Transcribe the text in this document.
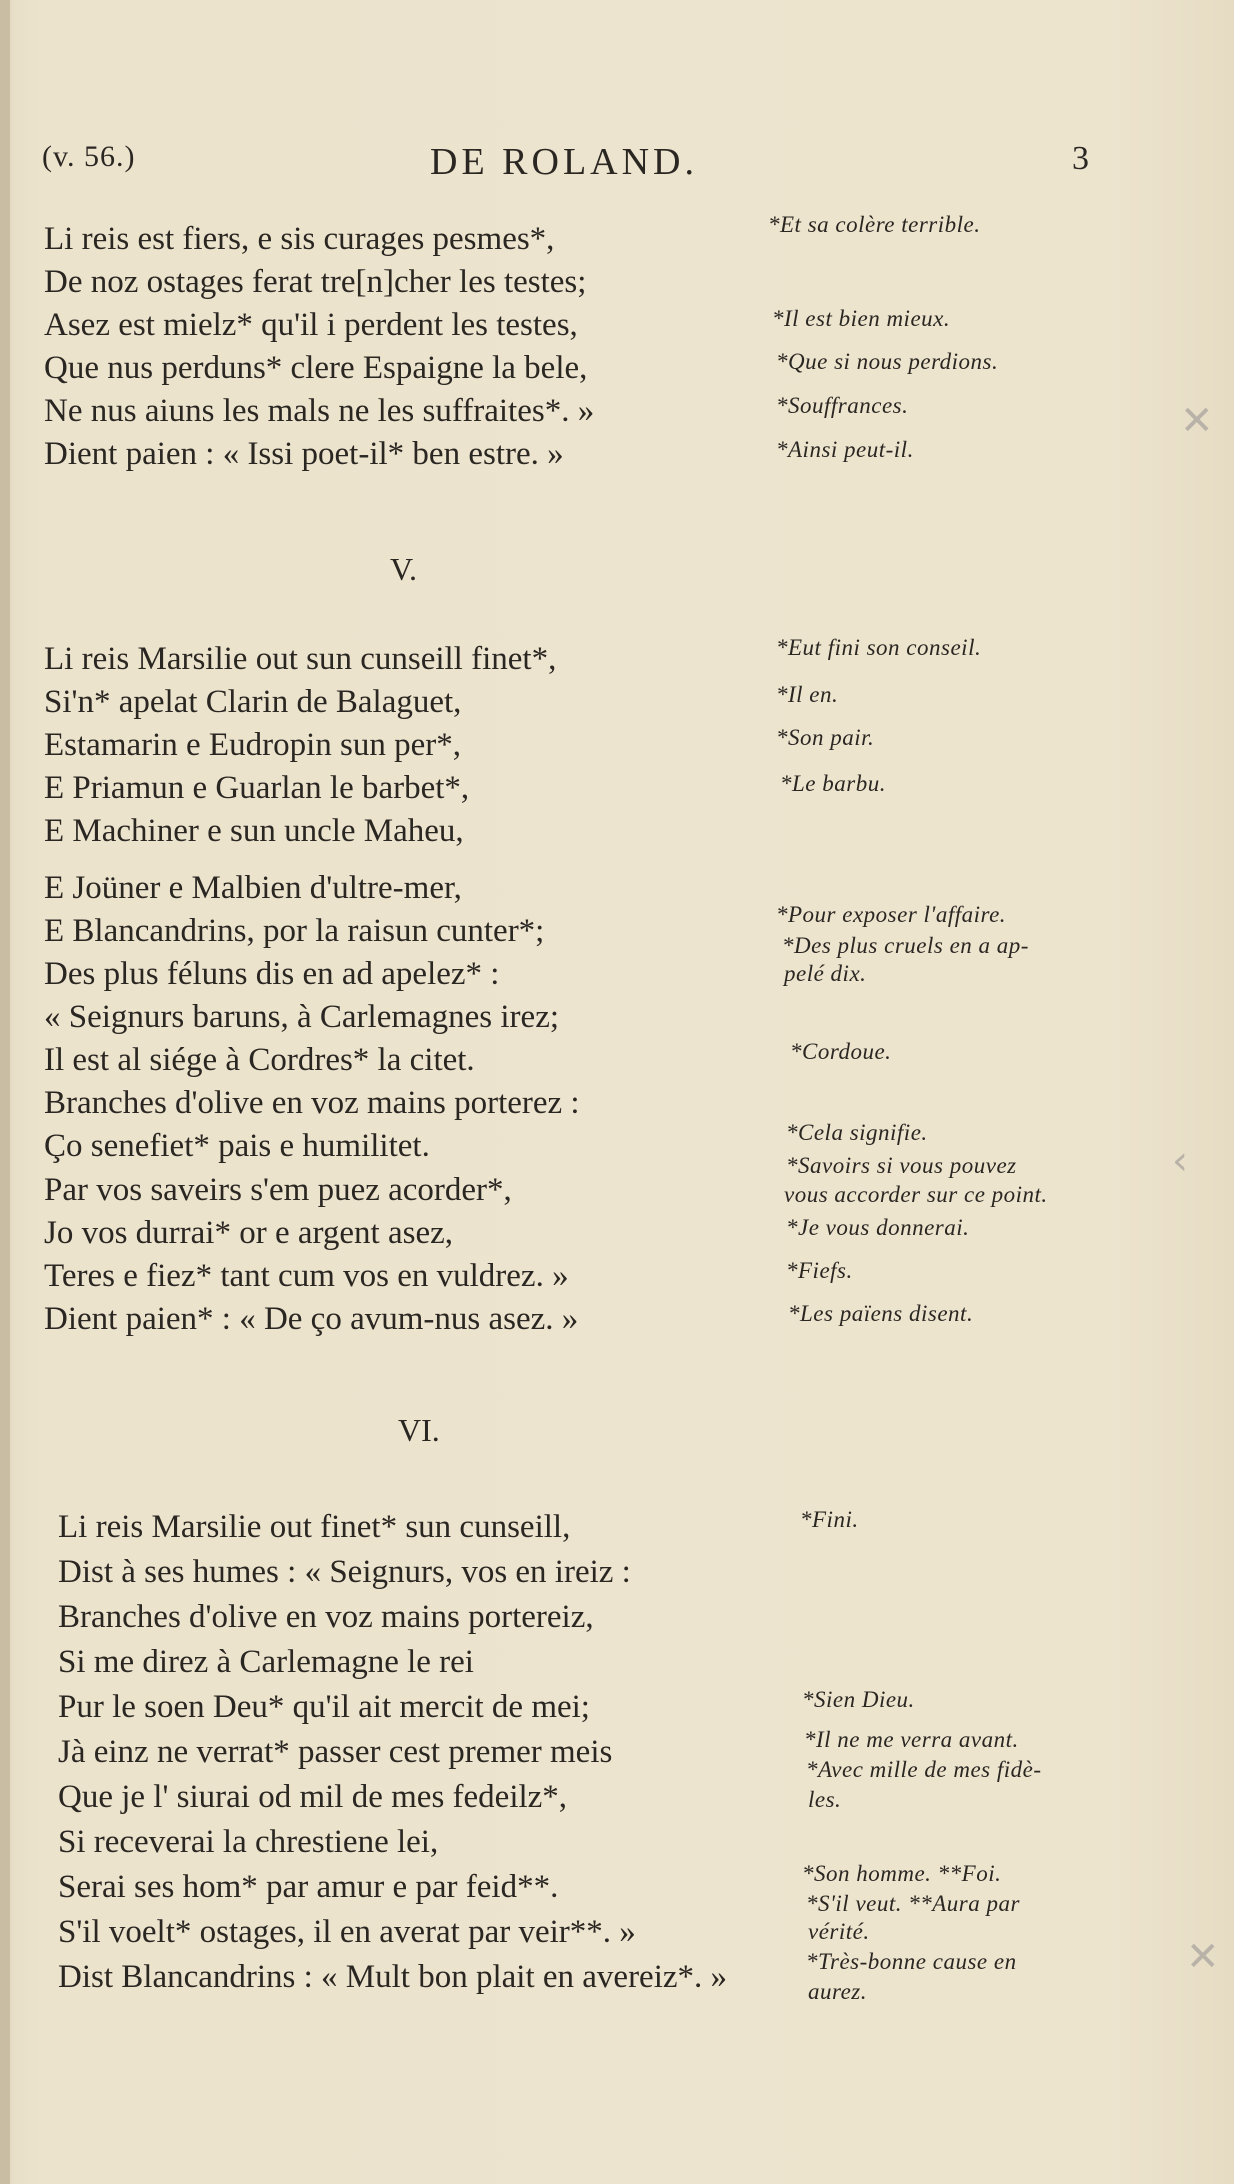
(v. 56.)	DE ROLAND.	3
Li reis est fiers, e sis curages pesmes*,
De noz ostages ferat tre[n]cher les testes;
Asez est mielz* qu'il i perdent les testes,
Que nus perduns* clere Espaigne la bele,
Ne nus aiuns les mals ne les suffraites*. »
Dient paien : « Issi poet-il* ben estre. »
*Et sa colère terrible.
*Il est bien mieux.
*Que si nous perdions.
*Souffrances.
*Ainsi peut-il.
V.
Li reis Marsilie out sun cunseill finet*,
Si'n* apelat Clarin de Balaguet,
Estamarin e Eudropin sun per*,
E Priamun e Guarlan le barbet*,
E Machiner e sun uncle Maheu,
E Joüner e Malbien d'ultre-mer,
E Blancandrins, por la raisun cunter*;
Des plus féluns dis en ad apelez* :
« Seignurs baruns, à Carlemagnes irez;
Il est al siége à Cordres* la citet.
Branches d'olive en voz mains porterez :
Ço senefiet* pais e humilitet.
Par vos saveirs s'em puez acorder*,
Jo vos durrai* or e argent asez,
Teres e fiez* tant cum vos en vuldrez. »
Dient paien* : « De ço avum-nus asez. »
*Eut fini son conseil.
*Il en.
*Son pair.
*Le barbu.
*Pour exposer l'affaire.
*Des plus cruels en a ap-
pelé dix.
*Cordoue.
*Cela signifie.
*Savoirs si vous pouvez
vous accorder sur ce point.
*Je vous donnerai.
*Fiefs.
*Les païens disent.
VI.
Li reis Marsilie out finet* sun cunseill,
Dist à ses humes : « Seignurs, vos en ireiz :
Branches d'olive en voz mains portereiz,
Si me direz à Carlemagne le rei
Pur le soen Deu* qu'il ait mercit de mei;
Jà einz ne verrat* passer cest premer meis
Que je l' siurai od mil de mes fedeilz*,
Si receverai la chrestiene lei,
Serai ses hom* par amur e par feid**.
S'il voelt* ostages, il en averat par veir**. »
Dist Blancandrins : « Mult bon plait en avereiz*. »
*Fini.
*Sien Dieu.
*Il ne me verra avant.
*Avec mille de mes fidè-
les.
*Son homme. **Foi.
*S'il veut. **Aura par
vérité.
*Très-bonne cause en
aurez.
✕
‹
✕
